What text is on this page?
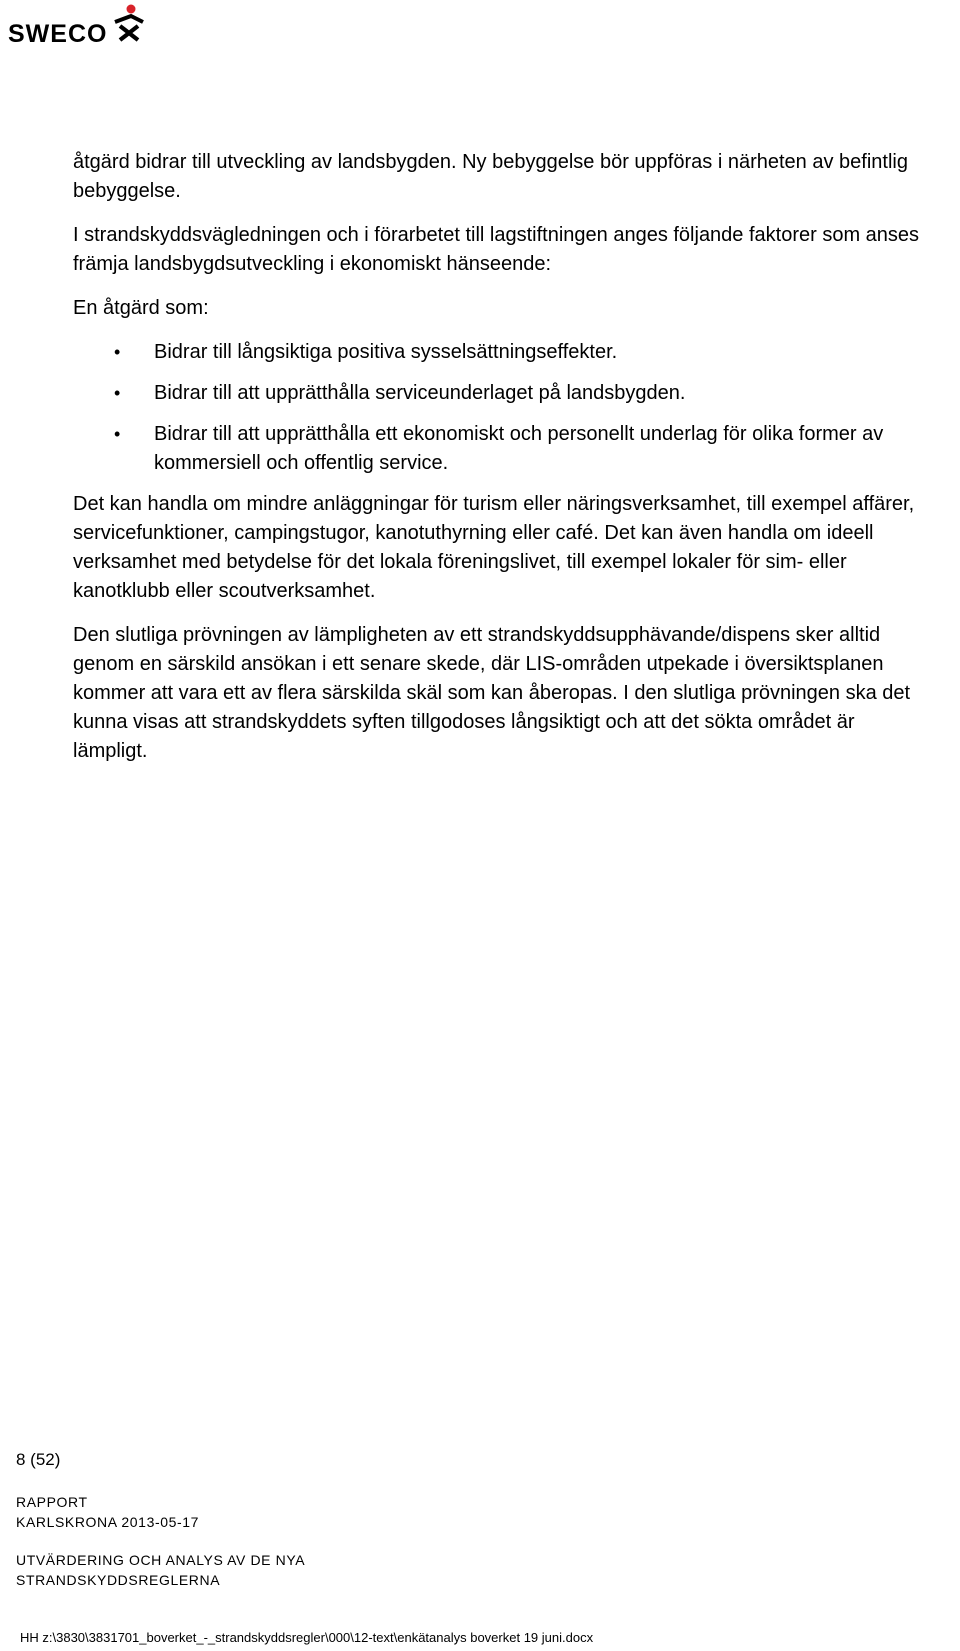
SWECO

åtgärd bidrar till utveckling av landsbygden. Ny bebyggelse bör uppföras i närheten av befintlig bebyggelse.

I strandskyddsvägledningen och i förarbetet till lagstiftningen anges följande faktorer som anses främja landsbygdsutveckling i ekonomiskt hänseende:

En åtgärd som:

• Bidrar till långsiktiga positiva sysselsättningseffekter.
• Bidrar till att upprätthålla serviceunderlaget på landsbygden.
• Bidrar till att upprätthålla ett ekonomiskt och personellt underlag för olika former av kommersiell och offentlig service.

Det kan handla om mindre anläggningar för turism eller näringsverksamhet, till exempel affärer, servicefunktioner, campingstugor, kanotuthyrning eller café. Det kan även handla om ideell verksamhet med betydelse för det lokala föreningslivet, till exempel lokaler för sim- eller kanotklubb eller scoutverksamhet.

Den slutliga prövningen av lämpligheten av ett strandskyddsupphävande/dispens sker alltid genom en särskild ansökan i ett senare skede, där LIS-områden utpekade i översiktsplanen kommer att vara ett av flera särskilda skäl som kan åberopas. I den slutliga prövningen ska det kunna visas att strandskyddets syften tillgodoses långsiktigt och att det sökta området är lämpligt.

8 (52)
RAPPORT
KARLSKRONA 2013-05-17
UTVÄRDERING OCH ANALYS AV DE NYA
STRANDSKYDDSREGLERNA
HH z:\3830\3831701_boverket_-_strandskyddsregler\000\12-text\enkätanalys boverket 19 juni.docx
